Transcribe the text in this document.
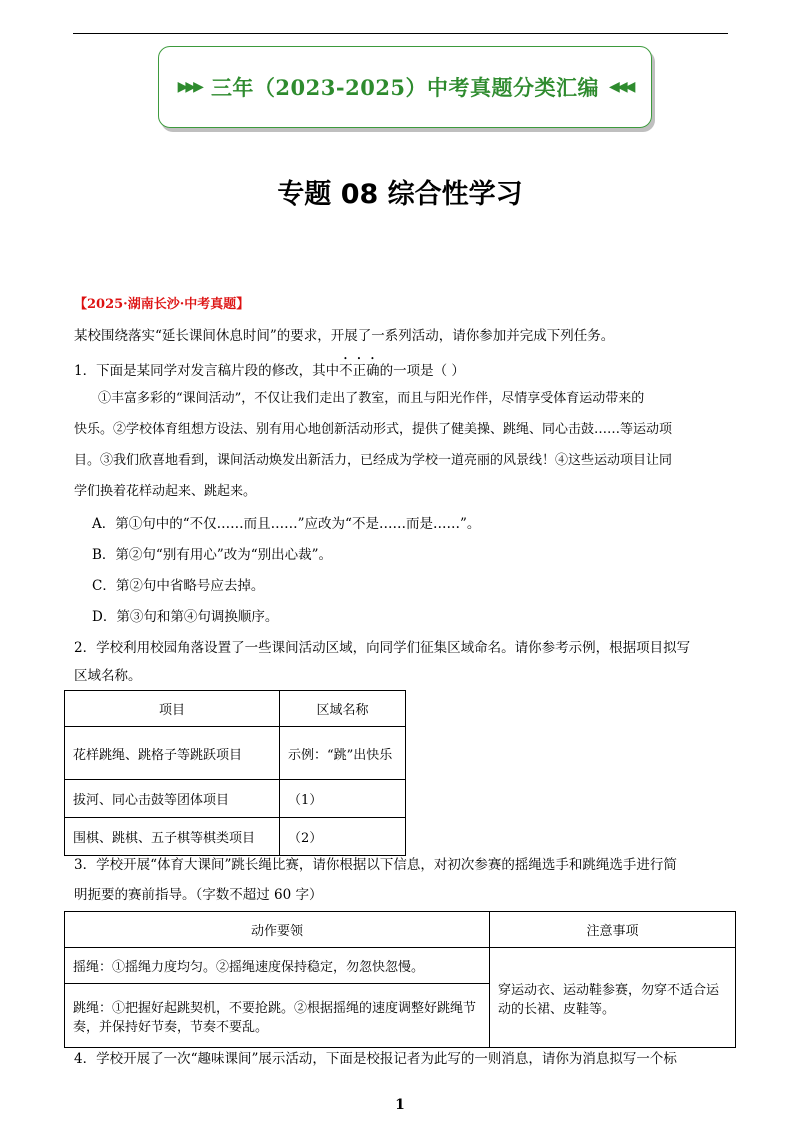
▶▶▶ 三年（2023-2025）中考真题分类汇编 ◀◀◀
专题 08 综合性学习
【2025·湖南长沙·中考真题】
某校围绕落实“延长课间休息时间”的要求，开展了一系列活动，请你参加并完成下列任务。
1．下面是某同学对发言稿片段的修改，其中不正确的一项是（ ）
①丰富多彩的“课间活动”，不仅让我们走出了教室，而且与阳光作伴，尽情享受体育运动带来的
快乐。②学校体育组想方设法、别有用心地创新活动形式，提供了健美操、跳绳、同心击鼓……等运动项
目。③我们欣喜地看到，课间活动焕发出新活力，已经成为学校一道亮丽的风景线！④这些运动项目让同
学们换着花样动起来、跳起来。
A．第①句中的“不仅……而且……”应改为“不是……而是……”。
B．第②句“别有用心”改为“别出心裁”。
C．第②句中省略号应去掉。
D．第③句和第④句调换顺序。
2．学校利用校园角落设置了一些课间活动区域，向同学们征集区域命名。请你参考示例，根据项目拟写
区域名称。
项目	区域名称
花样跳绳、跳格子等跳跃项目	示例：“跳”出快乐
拔河、同心击鼓等团体项目	（1）
围棋、跳棋、五子棋等棋类项目	（2）
3．学校开展“体育大课间”跳长绳比赛，请你根据以下信息，对初次参赛的摇绳选手和跳绳选手进行简
明扼要的赛前指导。（字数不超过 60 字）
动作要领	注意事项
摇绳：①摇绳力度均匀。②摇绳速度保持稳定，勿忽快忽慢。	穿运动衣、运动鞋参赛，勿穿不适合运动的长裙、皮鞋等。
跳绳：①把握好起跳契机，不要抢跳。②根据摇绳的速度调整好跳绳节奏，并保持好节奏，节奏不要乱。	
4．学校开展了一次“趣味课间”展示活动，下面是校报记者为此写的一则消息，请你为消息拟写一个标
1
